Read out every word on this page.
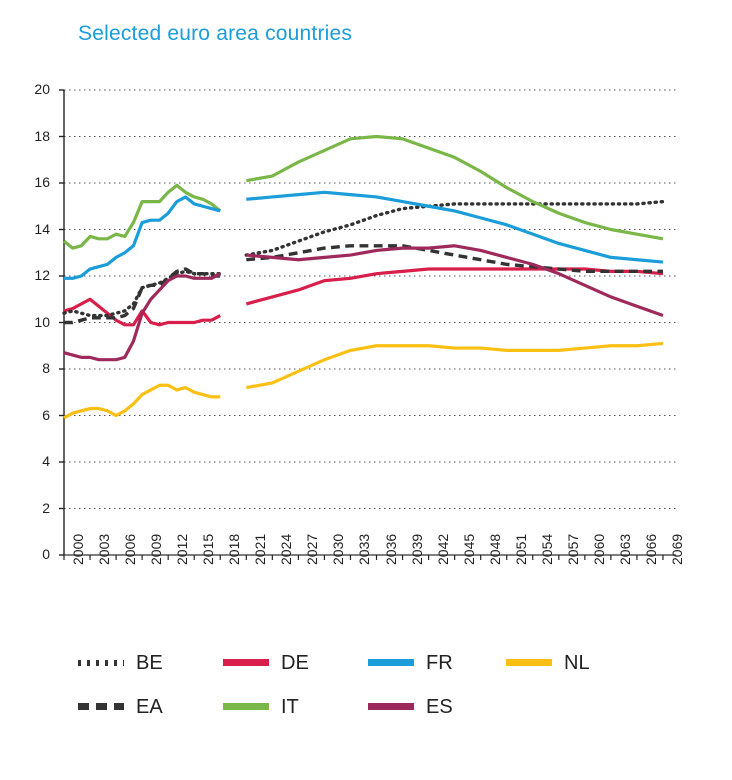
Selected euro area countries
0
2
4
6
8
10
12
14
16
18
20
2000 2003 2006 2009 2012 2015 2018 2021 2024 2027 2030 2033 2036 2039 2042 2045 2048 2051 2054 2057 2060 2063 2066 2069
BE
EA
DE
IT
FR
ES
NL
